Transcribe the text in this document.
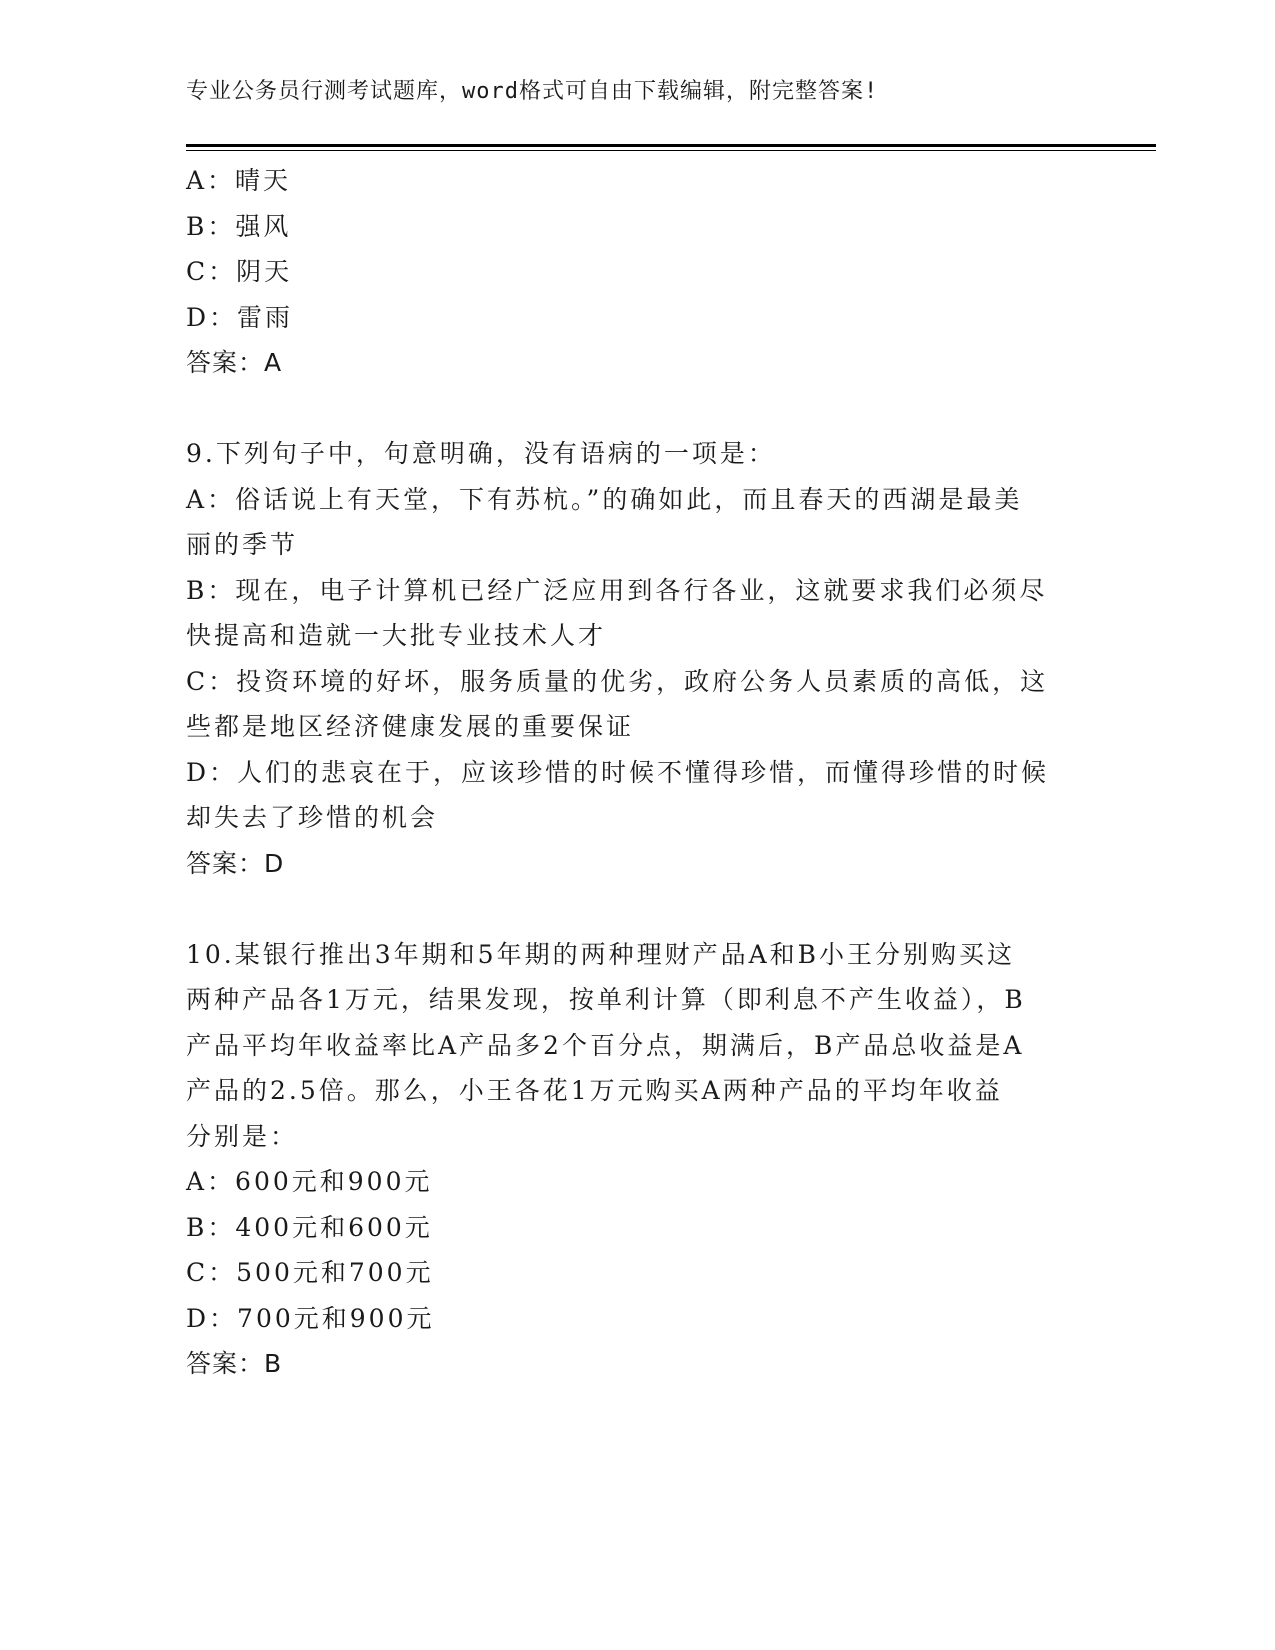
专业公务员行测考试题库，word格式可自由下载编辑，附完整答案!
A：晴天
B：强风
C：阴天
D：雷雨
答案：A
9.下列句子中，句意明确，没有语病的一项是：
A：俗话说上有天堂，下有苏杭。”的确如此，而且春天的西湖是最美
丽的季节
B：现在，电子计算机已经广泛应用到各行各业，这就要求我们必须尽
快提高和造就一大批专业技术人才
C：投资环境的好坏，服务质量的优劣，政府公务人员素质的高低，这
些都是地区经济健康发展的重要保证
D：人们的悲哀在于，应该珍惜的时候不懂得珍惜，而懂得珍惜的时候
却失去了珍惜的机会
答案：D
10.某银行推出3年期和5年期的两种理财产品A和B小王分别购买这
两种产品各1万元，结果发现，按单利计算（即利息不产生收益），B
产品平均年收益率比A产品多2个百分点，期满后，B产品总收益是A
产品的2.5倍。那么，小王各花1万元购买A两种产品的平均年收益
分别是：
A：600元和900元
B：400元和600元
C：500元和700元
D：700元和900元
答案：B
